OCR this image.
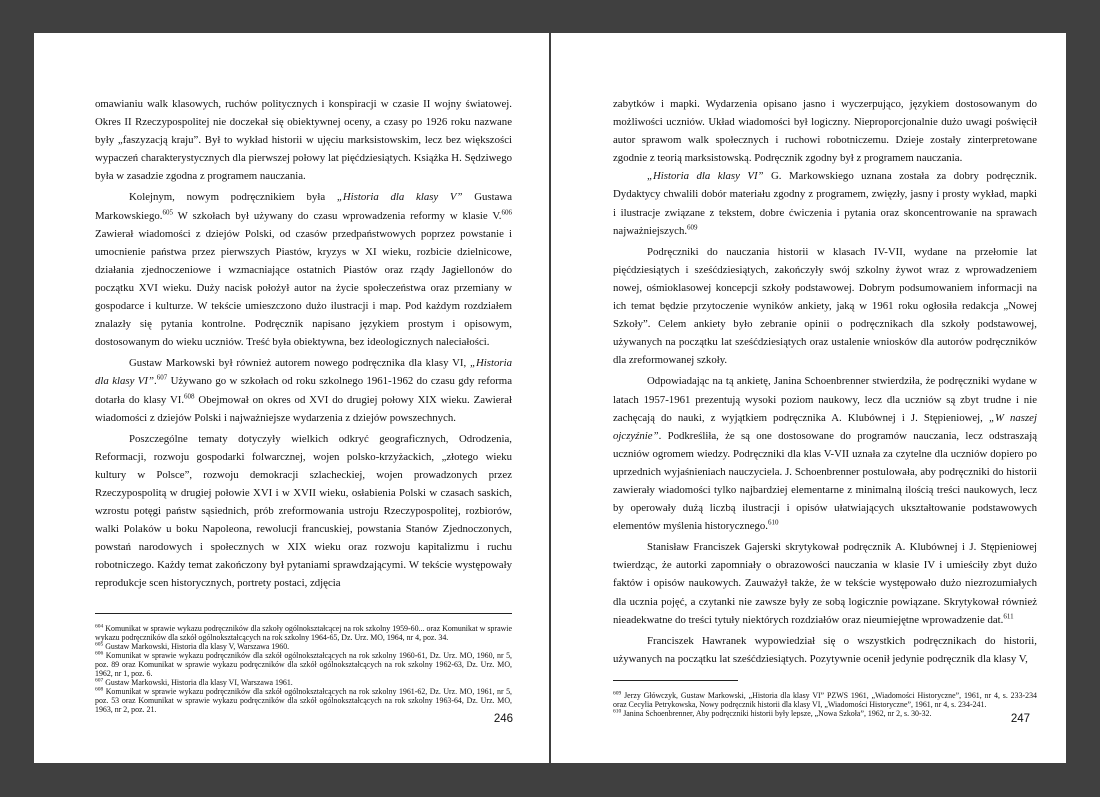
omawianiu walk klasowych, ruchów politycznych i konspiracji w czasie II wojny światowej. Okres II Rzeczypospolitej nie doczekał się obiektywnej oceny, a czasy po 1926 roku nazwane były „faszyzacją kraju”. Był to wykład historii w ujęciu marksistowskim, lecz bez większości wypaczeń charakterystycznych dla pierwszej połowy lat pięćdziesiątych. Książka H. Sędziwego była w zasadzie zgodna z programem nauczania.

Kolejnym, nowym podręcznikiem była „Historia dla klasy V” Gustawa Markowskiego.$^{605}$ W szkołach był używany do czasu wprowadzenia reformy w klasie V.$^{606}$ Zawierał wiadomości z dziejów Polski, od czasów przedpaństwowych poprzez powstanie i umocnienie państwa przez pierwszych Piastów, kryzys w XI wieku, rozbicie dzielnicowe, działania zjednoczeniowe i wzmacniające ostatnich Piastów oraz rządy Jagiellonów do początku XVI wieku. Duży nacisk położył autor na życie społeczeństwa oraz przemiany w gospodarce i kulturze. W tekście umieszczono dużo ilustracji i map. Pod każdym rozdziałem znalazły się pytania kontrolne. Podręcznik napisano językiem prostym i opisowym, dostosowanym do wieku uczniów. Treść była obiektywna, bez ideologicznych naleciałości.

Gustaw Markowski był również autorem nowego podręcznika dla klasy VI, „Historia dla klasy VI”.$^{607}$ Używano go w szkołach od roku szkolnego 1961-1962 do czasu gdy reforma dotarła do klasy VI.$^{608}$ Obejmował on okres od XVI do drugiej połowy XIX wieku. Zawierał wiadomości z dziejów Polski i najważniejsze wydarzenia z dziejów powszechnych.

Poszczególne tematy dotyczyły wielkich odkryć geograficznych, Odrodzenia, Reformacji, rozwoju gospodarki folwarcznej, wojen polsko-krzyżackich, „złotego wieku kultury w Polsce”, rozwoju demokracji szlacheckiej, wojen prowadzonych przez Rzeczypospolitą w drugiej połowie XVI i w XVII wieku, osłabienia Polski w czasach saskich, wzrostu potęgi państw sąsiednich, prób zreformowania ustroju Rzeczypospolitej, rozbiorów, walki Polaków u boku Napoleona, rewolucji francuskiej, powstania Stanów Zjednoczonych, powstań narodowych i społecznych w XIX wieku oraz rozwoju kapitalizmu i ruchu robotniczego. Każdy temat zakończony był pytaniami sprawdzającymi. W tekście występowały reprodukcje scen historycznych, portrety postaci, zdjęcia

$^{604}$ Komunikat w sprawie wykazu podręczników dla szkoły ogólnokształcącej na rok szkolny 1959-60... oraz Komunikat w sprawie wykazu podręczników dla szkół ogólnokształcących na rok szkolny 1964-65, Dz. Urz. MO, 1964, nr 4, poz. 34.

$^{605}$ Gustaw Markowski, Historia dla klasy V, Warszawa 1960.

$^{606}$ Komunikat w sprawie wykazu podręczników dla szkół ogólnokształcących na rok szkolny 1960-61, Dz. Urz. MO, 1960, nr 5, poz. 89 oraz Komunikat w sprawie wykazu podręczników dla szkół ogólnokształcących na rok szkolny 1962-63, Dz. Urz. MO, 1962, nr 1, poz. 6.

$^{607}$ Gustaw Markowski, Historia dla klasy VI, Warszawa 1961.

$^{608}$ Komunikat w sprawie wykazu podręczników dla szkół ogólnokształcących na rok szkolny 1961-62, Dz. Urz. MO, 1961, nr 5, poz. 53 oraz Komunikat w sprawie wykazu podręczników dla szkół ogólnokształcących na rok szkolny 1963-64, Dz. Urz. MO, 1963, nr 2, poz. 21.

246

zabytków i mapki. Wydarzenia opisano jasno i wyczerpująco, językiem dostosowanym do możliwości uczniów. Układ wiadomości był logiczny. Nieproporcjonalnie dużo uwagi poświęcił autor sprawom walk społecznych i ruchowi robotniczemu. Dzieje zostały zinterpretowane zgodnie z teorią marksistowską. Podręcznik zgodny był z programem nauczania.

„Historia dla klasy VI” G. Markowskiego uznana została za dobry podręcznik. Dydaktycy chwalili dobór materiału zgodny z programem, zwięzły, jasny i prosty wykład, mapki i ilustracje związane z tekstem, dobre ćwiczenia i pytania oraz skoncentrowanie na sprawach najważniejszych.$^{609}$

Podręczniki do nauczania historii w klasach IV-VII, wydane na przełomie lat pięćdziesiątych i sześćdziesiątych, zakończyły swój szkolny żywot wraz z wprowadzeniem nowej, ośmioklasowej koncepcji szkoły podstawowej. Dobrym podsumowaniem informacji na ich temat będzie przytoczenie wyników ankiety, jaką w 1961 roku ogłosiła redakcja „Nowej Szkoły”. Celem ankiety było zebranie opinii o podręcznikach dla szkoły podstawowej, używanych na początku lat sześćdziesiątych oraz ustalenie wniosków dla autorów podręczników dla zreformowanej szkoły.

Odpowiadając na tą ankietę, Janina Schoenbrenner stwierdziła, że podręczniki wydane w latach 1957-1961 prezentują wysoki poziom naukowy, lecz dla uczniów są zbyt trudne i nie zachęcają do nauki, z wyjątkiem podręcznika A. Klubównej i J. Stępieniowej, „W naszej ojczyźnie”. Podkreśliła, że są one dostosowane do programów nauczania, lecz odstraszają uczniów ogromem wiedzy. Podręczniki dla klas V-VII uznała za czytelne dla uczniów dopiero po uprzednich wyjaśnieniach nauczyciela. J. Schoenbrenner postulowała, aby podręczniki do historii zawierały wiadomości tylko najbardziej elementarne z minimalną ilością treści naukowych, lecz by operowały dużą liczbą ilustracji i opisów ułatwiających ukształtowanie podstawowych elementów myślenia historycznego.$^{610}$

Stanisław Franciszek Gajerski skrytykował podręcznik A. Klubównej i J. Stępieniowej twierdząc, że autorki zapomniały o obrazowości nauczania w klasie IV i umieściły zbyt dużo faktów i opisów naukowych. Zauważył także, że w tekście występowało dużo niezrozumiałych dla ucznia pojęć, a czytanki nie zawsze były ze sobą logicznie powiązane. Skrytykował również nieadekwatne do treści tytuły niektórych rozdziałów oraz nieumiejętne wprowadzenie dat.$^{611}$

Franciszek Hawranek wypowiedział się o wszystkich podręcznikach do historii, używanych na początku lat sześćdziesiątych. Pozytywnie ocenił jedynie podręcznik dla klasy V,

$^{609}$ Jerzy Główczyk, Gustaw Markowski, „Historia dla klasy VI” PZWS 1961, „Wiadomości Historyczne”, 1961, nr 4, s. 233-234 oraz Cecylia Petrykowska, Nowy podręcznik historii dla klasy VI, „Wiadomości Historyczne”, 1961, nr 4, s. 234-241.

$^{610}$ Janina Schoenbrenner, Aby podręczniki historii były lepsze, „Nowa Szkoła”, 1962, nr 2, s. 30-32.	247
